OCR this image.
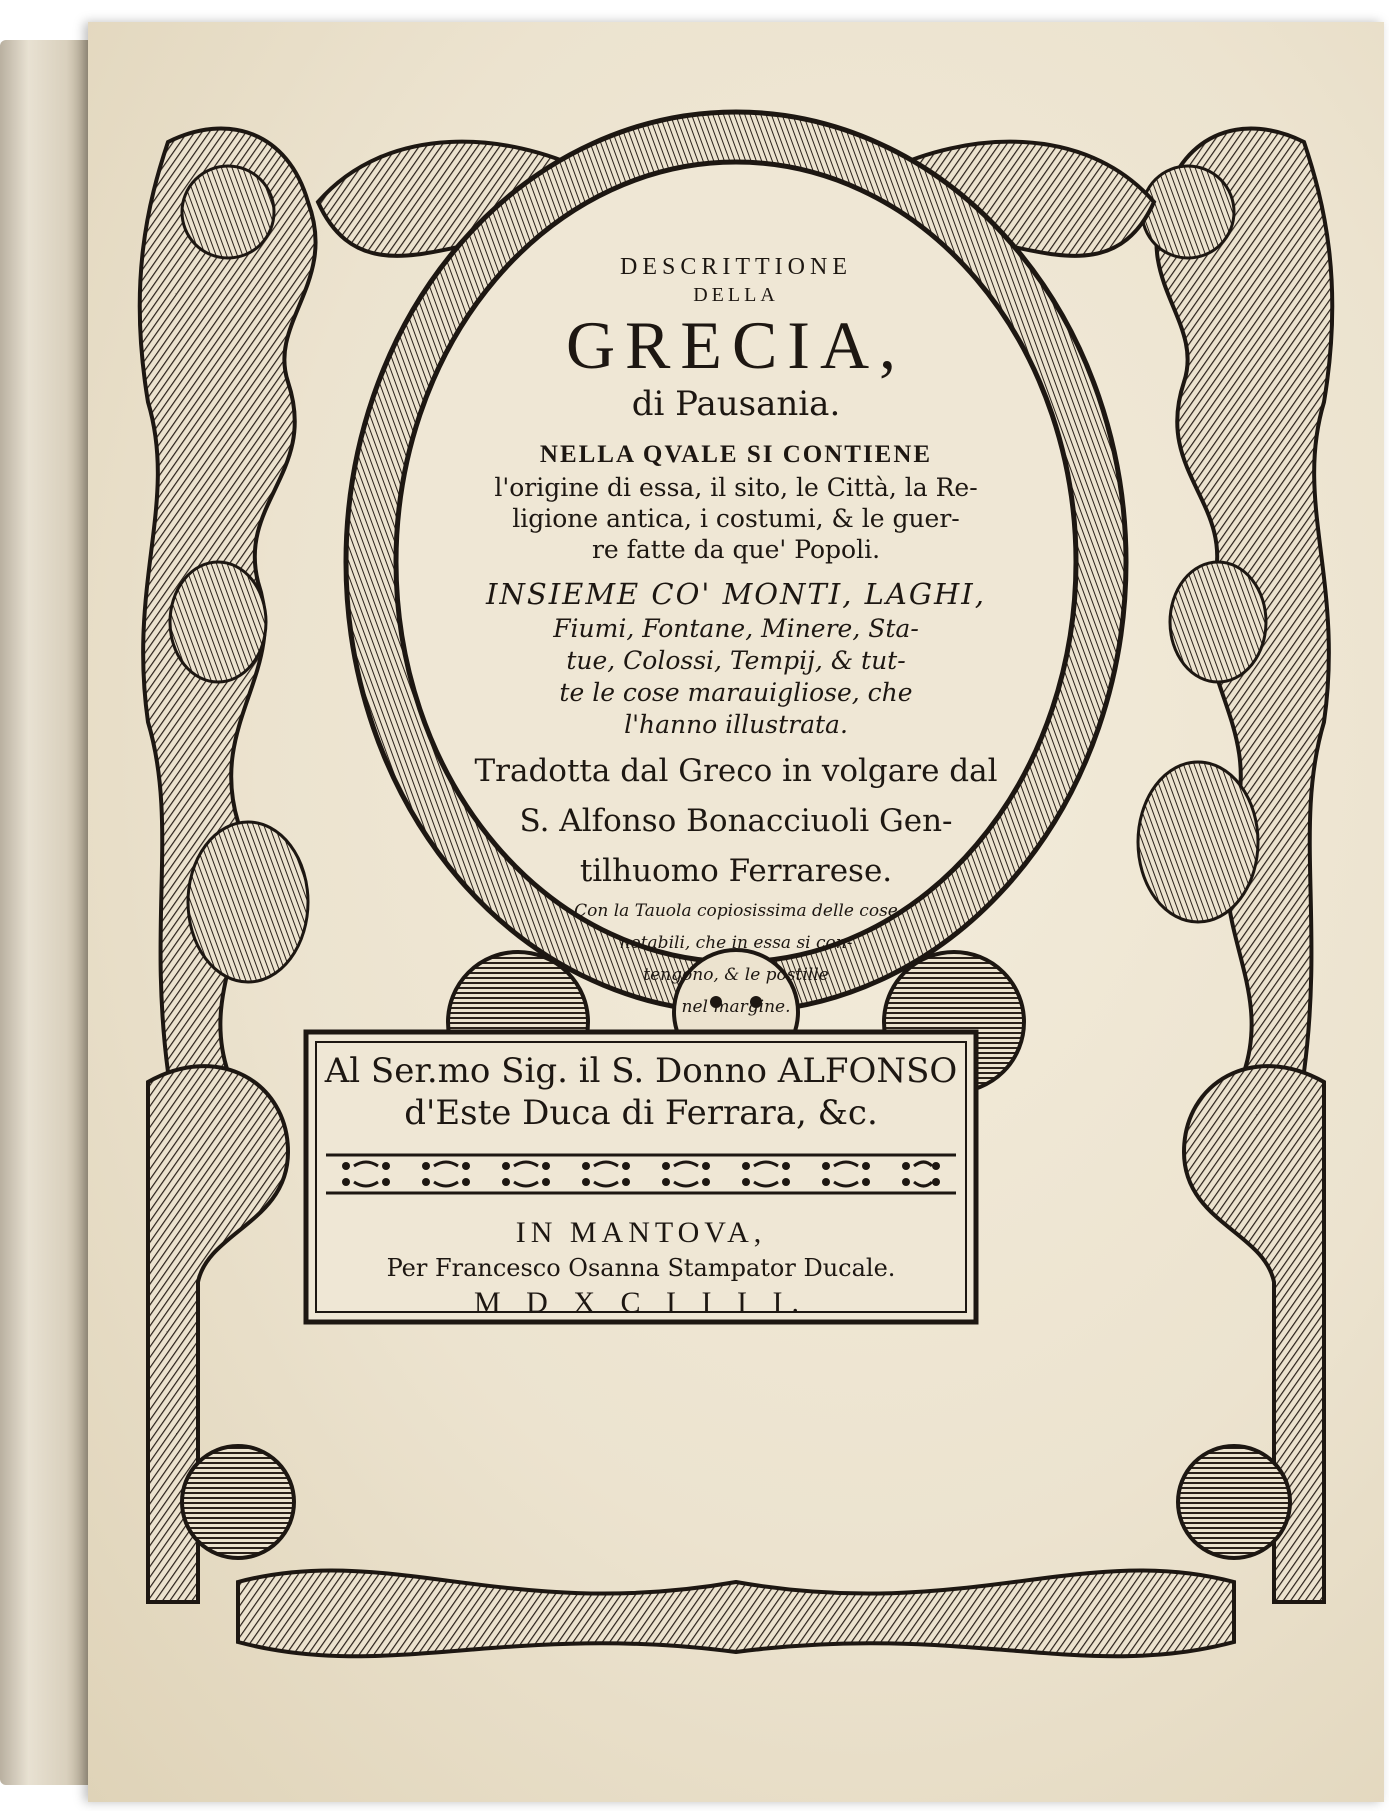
DESCRITTIONE
DELLA
GRECIA,
di Pausania.
NELLA QVALE SI CONTIENE
l'origine di essa, il sito, le Città, la Re-
ligione antica, i costumi, & le guer-
re fatte da que' Popoli.
INSIEME CO' MONTI, LAGHI,
Fiumi, Fontane, Minere, Sta-
tue, Colossi, Tempij, & tut-
te le cose marauigliose, che
l'hanno illustrata.
Tradotta dal Greco in volgare dal
S. Alfonso Bonacciuoli Gen-
tilhuomo Ferrarese.
Con la Tauola copiosissima delle cose
notabili, che in essa si con-
tengono, & le postille
nel margine.
Al Ser.mo Sig. il S. Donno ALFONSO
d'Este Duca di Ferrara, &c.
IN MANTOVA,
Per Francesco Osanna Stampator Ducale.
M D X C I I I I.
